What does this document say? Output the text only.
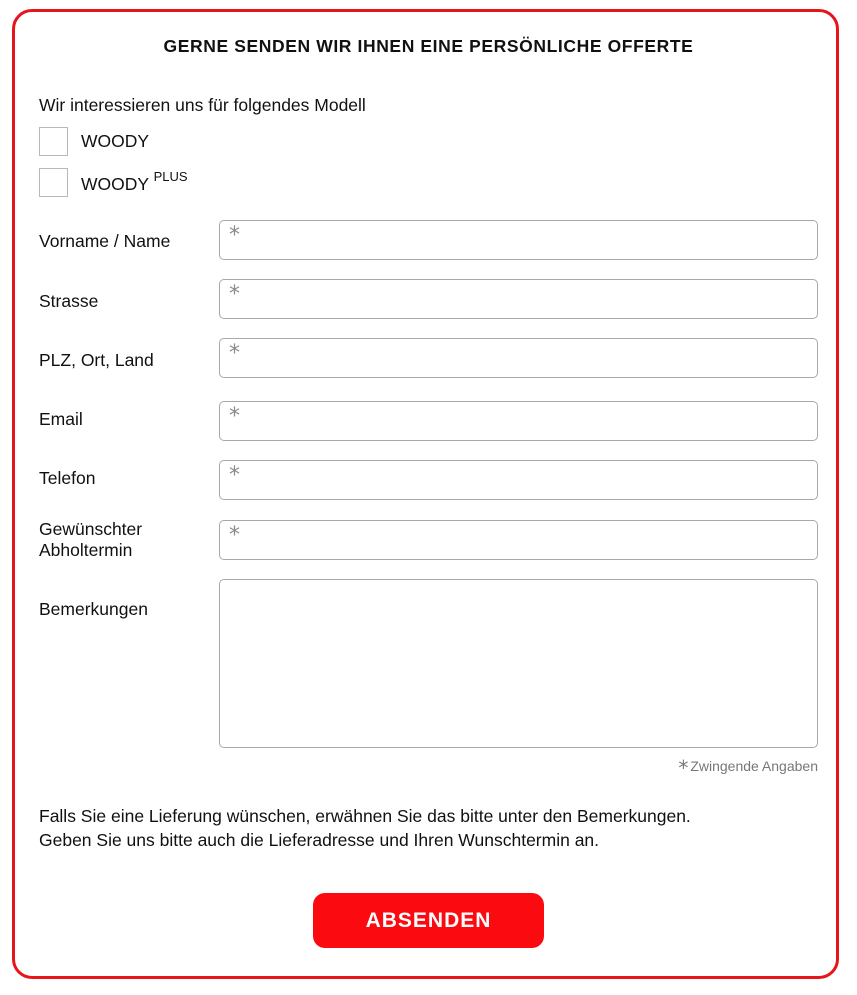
GERNE SENDEN WIR IHNEN EINE PERSÖNLICHE OFFERTE
Wir interessieren uns für folgendes Modell
WOODY
WOODY $^{PLUS}$
Vorname / Name	*
Strasse	*
PLZ, Ort, Land	*
Email	*
Telefon	*
Gewünschter
Abholtermin
*
Bemerkungen
* Zwingende Angaben
Falls Sie eine Lieferung wünschen, erwähnen Sie das bitte unter den Bemerkungen.
Geben Sie uns bitte auch die Lieferadresse und Ihren Wunschtermin an.
ABSENDEN
